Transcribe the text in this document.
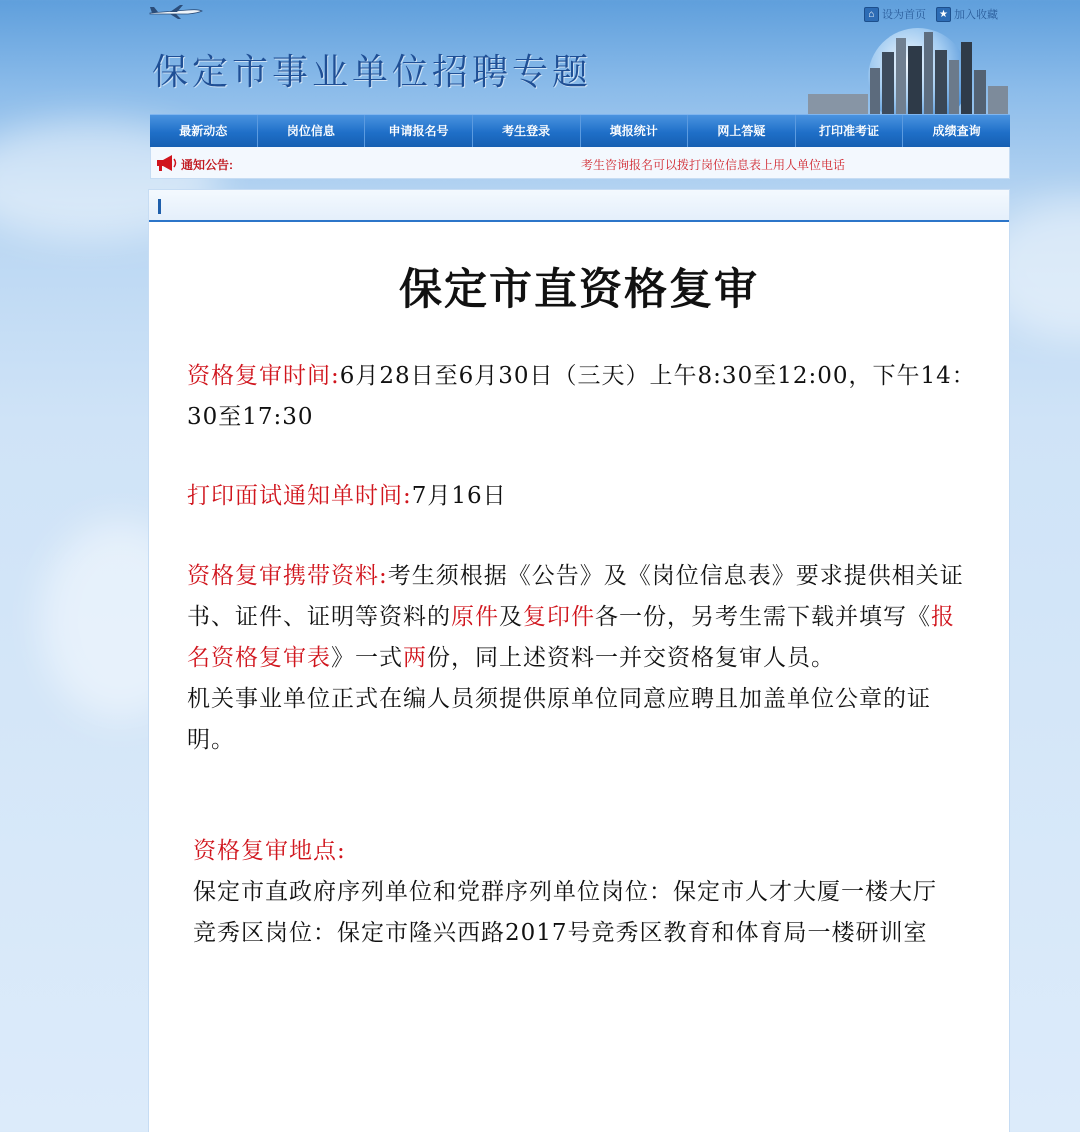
⌂ 设为首页	★ 加入收藏
保定市事业单位招聘专题
最新动态	岗位信息	申请报名号	考生登录	填报统计	网上答疑	打印准考证	成绩查询
通知公告:	考生咨询报名可以拨打岗位信息表上用人单位电话
保定市直资格复审
资格复审时间:6月28日至6月30日（三天）上午8:30至12:00，下午14：30至17:30
打印面试通知单时间:7月16日
资格复审携带资料:考生须根据《公告》及《岗位信息表》要求提供相关证书、证件、证明等资料的原件及复印件各一份，另考生需下载并填写《报名资格复审表》一式两份，同上述资料一并交资格复审人员。
机关事业单位正式在编人员须提供原单位同意应聘且加盖单位公章的证明。
资格复审地点:
保定市直政府序列单位和党群序列单位岗位：保定市人才大厦一楼大厅
竞秀区岗位：保定市隆兴西路2017号竞秀区教育和体育局一楼研训室
